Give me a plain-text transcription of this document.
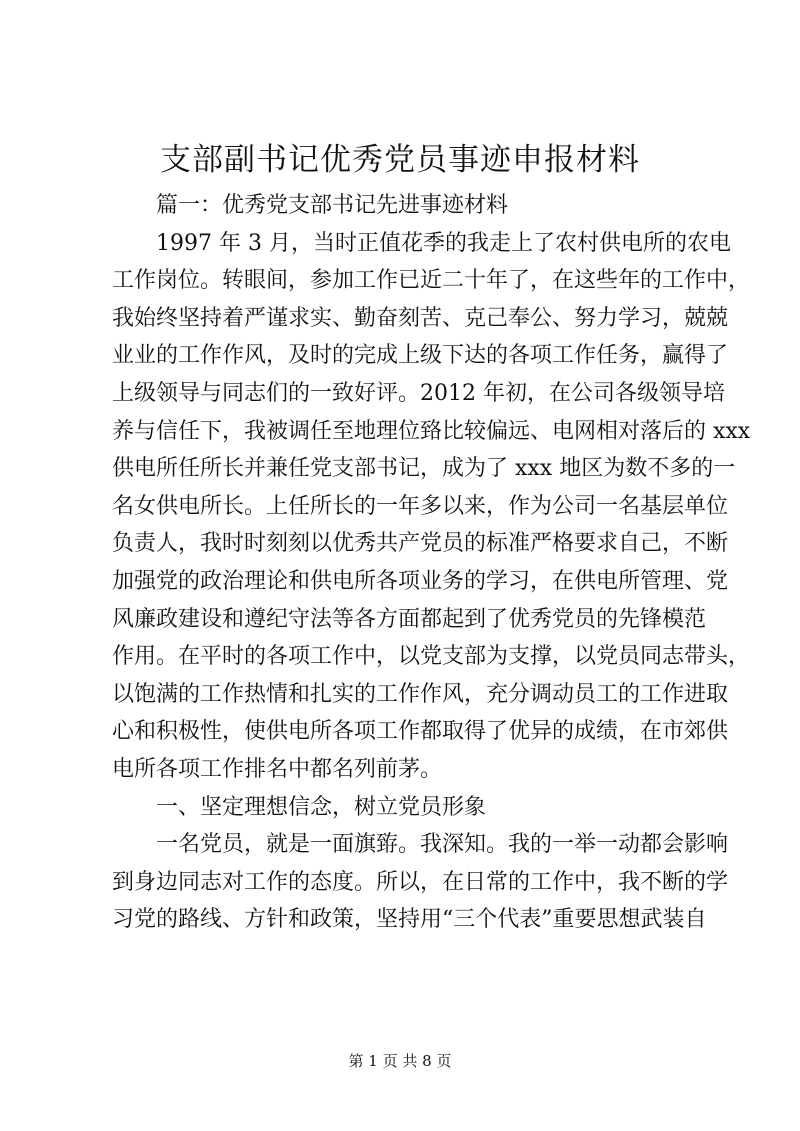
支部副书记优秀党员事迹申报材料
篇一：优秀党支部书记先进事迹材料
1997 年 3 月，当时正值花季的我走上了农村供电所的农电
工作岗位。转眼间，参加工作已近二十年了，在这些年的工作中，
我始终坚持着严谨求实、勤奋刻苦、克己奉公、努力学习，兢兢
业业的工作作风，及时的完成上级下达的各项工作任务，赢得了
上级领导与同志们的一致好评。2012 年初，在公司各级领导培
养与信任下，我被调任至地理位臵比较偏远、电网相对落后的 xxx
供电所任所长并兼任党支部书记，成为了 xxx 地区为数不多的一
名女供电所长。上任所长的一年多以来，作为公司一名基层单位
负责人，我时时刻刻以优秀共产党员的标准严格要求自己，不断
加强党的政治理论和供电所各项业务的学习，在供电所管理、党
风廉政建设和遵纪守法等各方面都起到了优秀党员的先锋模范
作用。在平时的各项工作中，以党支部为支撑，以党员同志带头，
以饱满的工作热情和扎实的工作作风，充分调动员工的工作进取
心和积极性，使供电所各项工作都取得了优异的成绩，在市郊供
电所各项工作排名中都名列前茅。
一、坚定理想信念，树立党员形象
一名党员，就是一面旗臶。我深知。我的一举一动都会影响
到身边同志对工作的态度。所以，在日常的工作中，我不断的学
习党的路线、方针和政策，坚持用“三个代表”重要思想武装自
第 1 页 共 8 页
